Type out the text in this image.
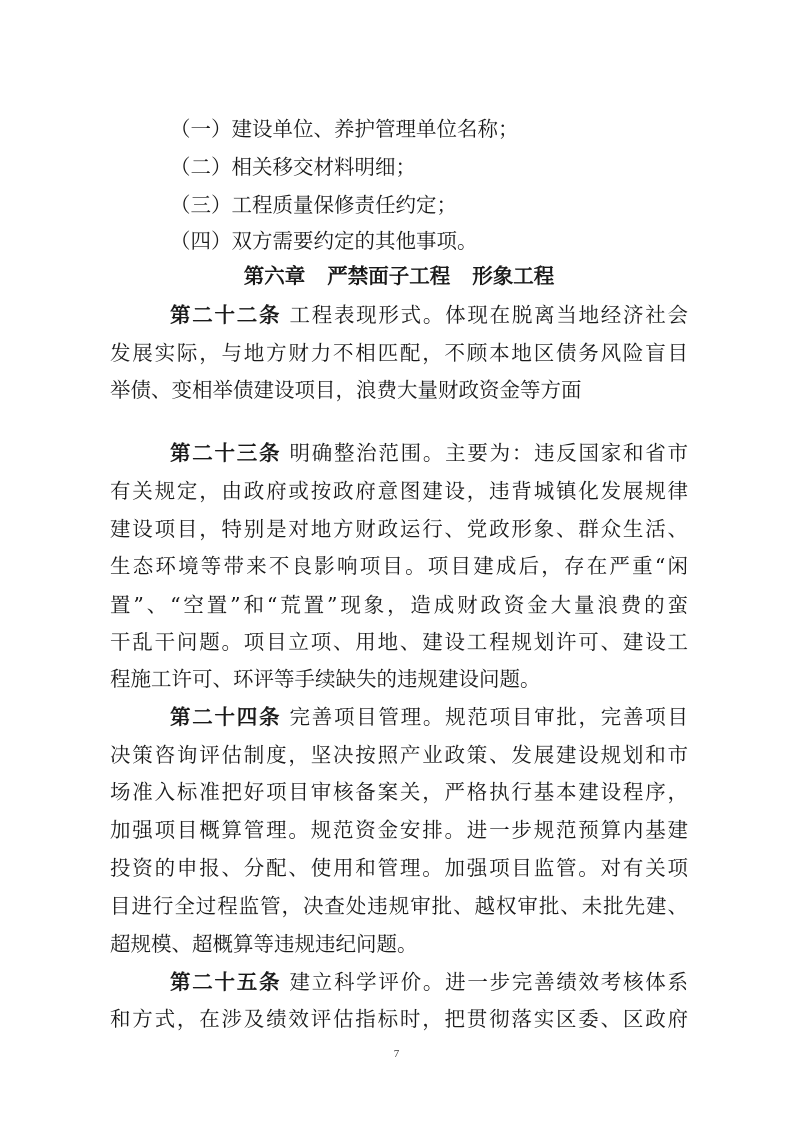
（一）建设单位、养护管理单位名称；
（二）相关移交材料明细；
（三）工程质量保修责任约定；
（四）双方需要约定的其他事项。
第六章 严禁面子工程 形象工程
第二十二条 工程表现形式。体现在脱离当地经济社会
发展实际，与地方财力不相匹配，不顾本地区债务风险盲目
举债、变相举债建设项目，浪费大量财政资金等方面
第二十三条 明确整治范围。主要为：违反国家和省市
有关规定，由政府或按政府意图建设，违背城镇化发展规律
建设项目，特别是对地方财政运行、党政形象、群众生活、
生态环境等带来不良影响项目。项目建成后，存在严重“闲
置”、“空置”和“荒置”现象，造成财政资金大量浪费的蛮
干乱干问题。项目立项、用地、建设工程规划许可、建设工
程施工许可、环评等手续缺失的违规建设问题。
第二十四条 完善项目管理。规范项目审批，完善项目
决策咨询评估制度，坚决按照产业政策、发展建设规划和市
场准入标准把好项目审核备案关，严格执行基本建设程序，
加强项目概算管理。规范资金安排。进一步规范预算内基建
投资的申报、分配、使用和管理。加强项目监管。对有关项
目进行全过程监管，决查处违规审批、越权审批、未批先建、
超规模、超概算等违规违纪问题。
第二十五条 建立科学评价。进一步完善绩效考核体系
和方式，在涉及绩效评估指标时，把贯彻落实区委、区政府
7
